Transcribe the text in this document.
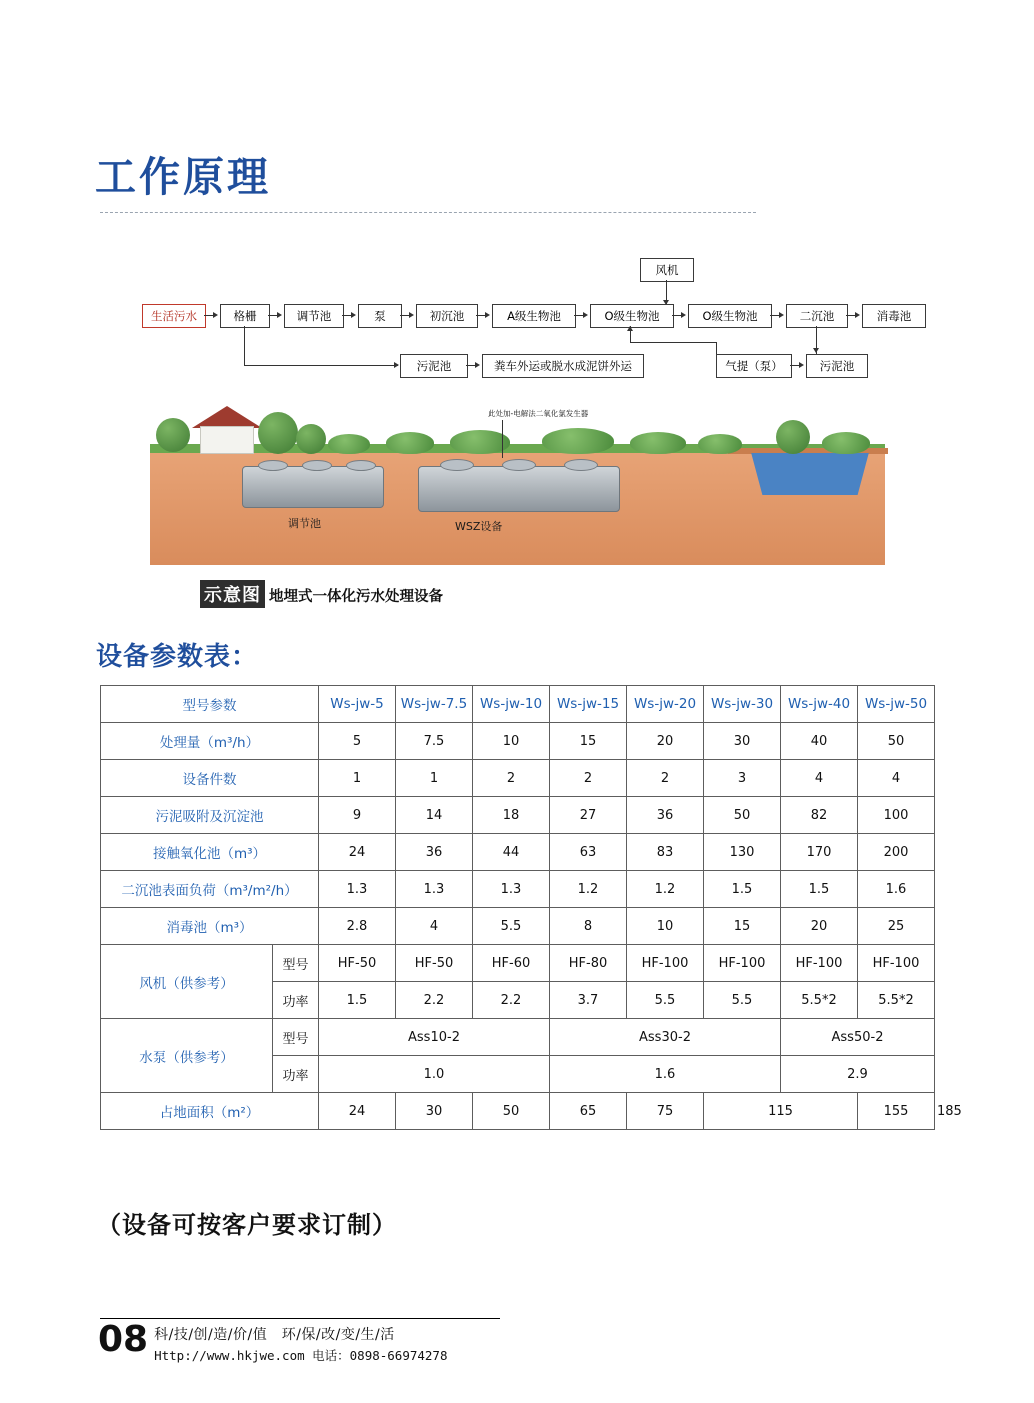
工作原理
风机
生活污水	格栅	调节池	泵	初沉池	A级生物池	O级生物池	O级生物池	二沉池	消毒池
污泥池	粪车外运或脱水成泥饼外运	气提（泵）	污泥池
此处加-电解法二氧化氯发生器
调节池	WSZ设备
示意图 地埋式一体化污水处理设备
设备参数表：
型号参数		Ws-jw-5	Ws-jw-7.5	Ws-jw-10	Ws-jw-15	Ws-jw-20	Ws-jw-30	Ws-jw-40	Ws-jw-50	
处理量（m³/h）		5	7.5	10	15	20	30	40	50	
设备件数		1	1	2	2	2	3	4	4	
污泥吸附及沉淀池		9	14	18	27	36	50	82	100	
接触氧化池（m³）		24	36	44	63	83	130	170	200	
二沉池表面负荷（m³/m²/h）		1.3	1.3	1.3	1.2	1.2	1.5	1.5	1.6	
消毒池（m³）		2.8	4	5.5	8	10	15	20	25	
风机（供参考）	型号	HF-50	HF-50	HF-60	HF-80	HF-100	HF-100	HF-100	HF-100	
	功率	1.5	2.2	2.2	3.7	5.5	5.5	5.5*2	5.5*2	
水泵（供参考）	型号	Ass10-2			Ass30-2			Ass50-2		
	功率	1.0			1.6			2.9		
占地面积（m²）		24	30	50	65	75	115		155	185
（设备可按客户要求订制）
08 科/技/创/造/价/值　环/保/改/变/生/活
Http://www.hkjwe.com 电话：0898-66974278
